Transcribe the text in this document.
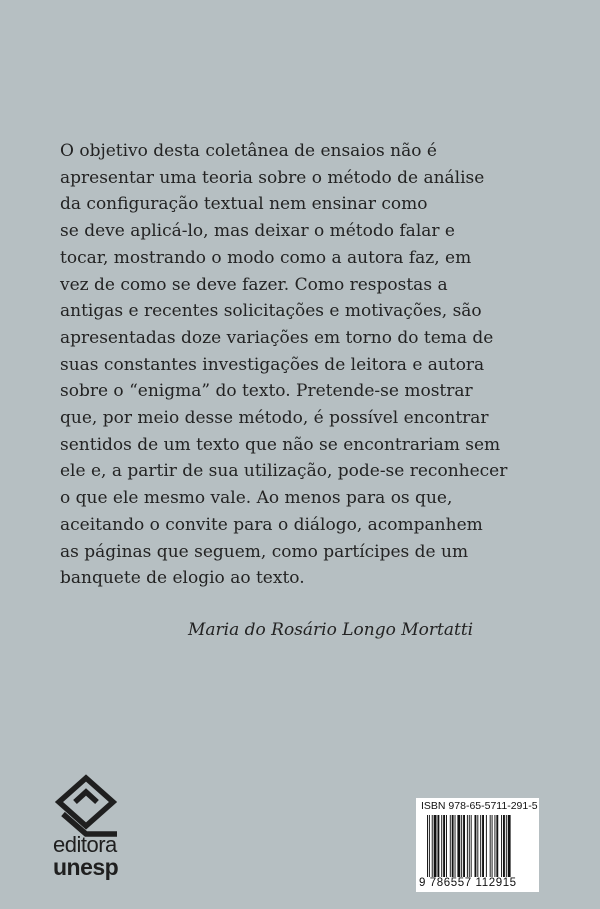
O objetivo desta coletânea de ensaios não é
apresentar uma teoria sobre o método de análise
da configuração textual nem ensinar como
se deve aplicá-lo, mas deixar o método falar e
tocar, mostrando o modo como a autora faz, em
vez de como se deve fazer. Como respostas a
antigas e recentes solicitações e motivações, são
apresentadas doze variações em torno do tema de
suas constantes investigações de leitora e autora
sobre o “enigma” do texto. Pretende-se mostrar
que, por meio desse método, é possível encontrar
sentidos de um texto que não se encontrariam sem
ele e, a partir de sua utilização, pode-se reconhecer
o que ele mesmo vale. Ao menos para os que,
aceitando o convite para o diálogo, acompanhem
as páginas que seguem, como partícipes de um
banquete de elogio ao texto.
Maria do Rosário Longo Mortatti
editora
unesp
ISBN 978-65-5711-291-5
9 786557 112915
